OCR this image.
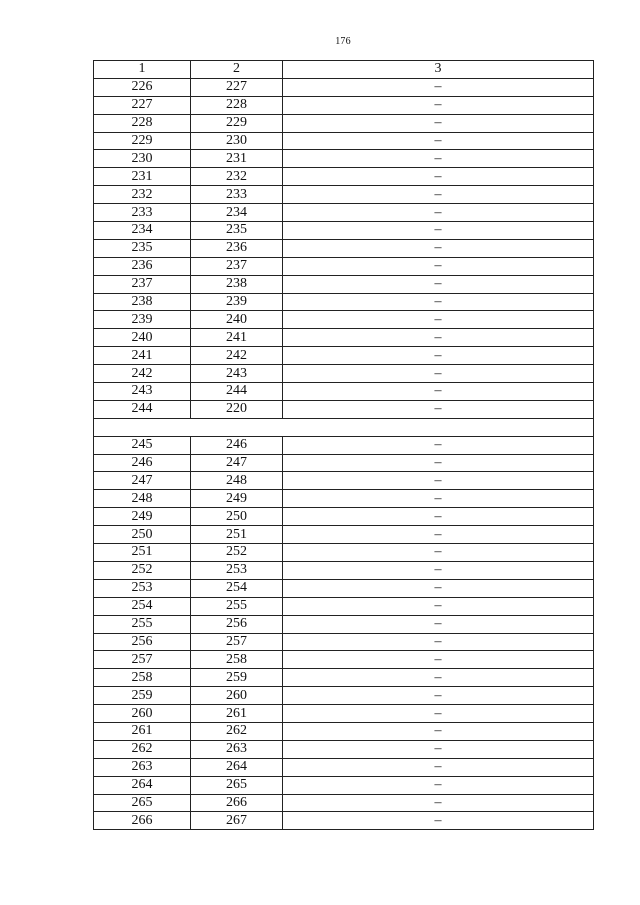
176
1	2	3
226	227	–
227	228	–
228	229	–
229	230	–
230	231	–
231	232	–
232	233	–
233	234	–
234	235	–
235	236	–
236	237	–
237	238	–
238	239	–
239	240	–
240	241	–
241	242	–
242	243	–
243	244	–
244	220	–

245	246	–
246	247	–
247	248	–
248	249	–
249	250	–
250	251	–
251	252	–
252	253	–
253	254	–
254	255	–
255	256	–
256	257	–
257	258	–
258	259	–
259	260	–
260	261	–
261	262	–
262	263	–
263	264	–
264	265	–
265	266	–
266	267	–
